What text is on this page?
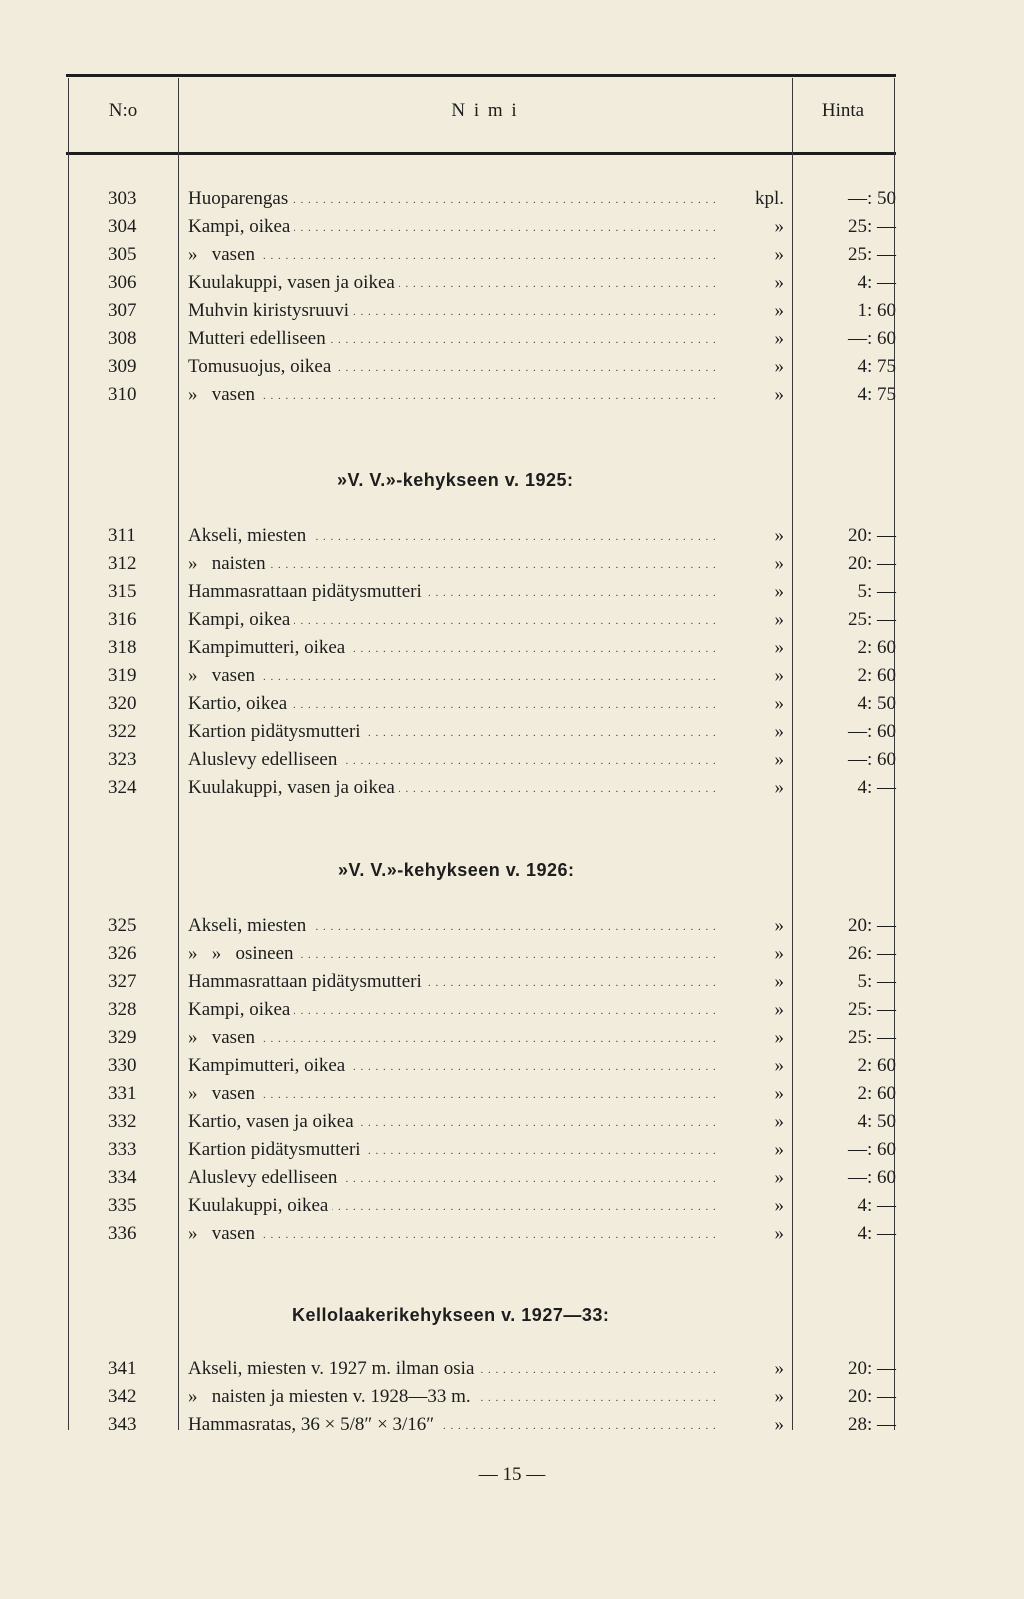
N:o	N i m i	Hinta
303	Huoparengas . . .	kpl.	—: 50
304	Kampi, oikea . . .	»	25: —
305	»   vasen . . .	»	25: —
306	Kuulakuppi, vasen ja oikea . . .	»	4: —
307	Muhvin kiristysruuvi . . .	»	1: 60
308	Mutteri edelliseen . . .	»	—: 60
309	Tomusuojus, oikea . . .	»	4: 75
310	»   vasen . . .	»	4: 75
»V. V.»-kehykseen v. 1925:
311	Akseli, miesten . . .	»	20: —
312	»   naisten . . .	»	20: —
315	Hammasrattaan pidätysmutteri . . .	»	5: —
316	Kampi, oikea . . .	»	25: —
318	Kampimutteri, oikea . . .	»	2: 60
319	»   vasen . . .	»	2: 60
320	Kartio, oikea . . .	»	4: 50
322	Kartion pidätysmutteri . . .	»	—: 60
323	Aluslevy edelliseen . . .	»	—: 60
324	Kuulakuppi, vasen ja oikea . . .	»	4: —
»V. V.»-kehykseen v. 1926:
325	Akseli, miesten . . .	»	20: —
326	»   »   osineen . . .	»	26: —
327	Hammasrattaan pidätysmutteri . . .	»	5: —
328	Kampi, oikea . . .	»	25: —
329	»   vasen . . .	»	25: —
330	Kampimutteri, oikea . . .	»	2: 60
331	»   vasen . . .	»	2: 60
332	Kartio, vasen ja oikea . . .	»	4: 50
333	Kartion pidätysmutteri . . .	»	—: 60
334	Aluslevy edelliseen . . .	»	—: 60
335	Kuulakuppi, oikea . . .	»	4: —
336	»   vasen . . .	»	4: —
Kellolaakerikehykseen v. 1927—33:
341	Akseli, miesten v. 1927 m. ilman osia . . .	»	20: —
342	»   naisten ja miesten v. 1928—33 m. . . .	»	20: —
343	Hammasratas, 36 × 5/8″ × 3/16″ . . .	»	28: —
— 15 —
